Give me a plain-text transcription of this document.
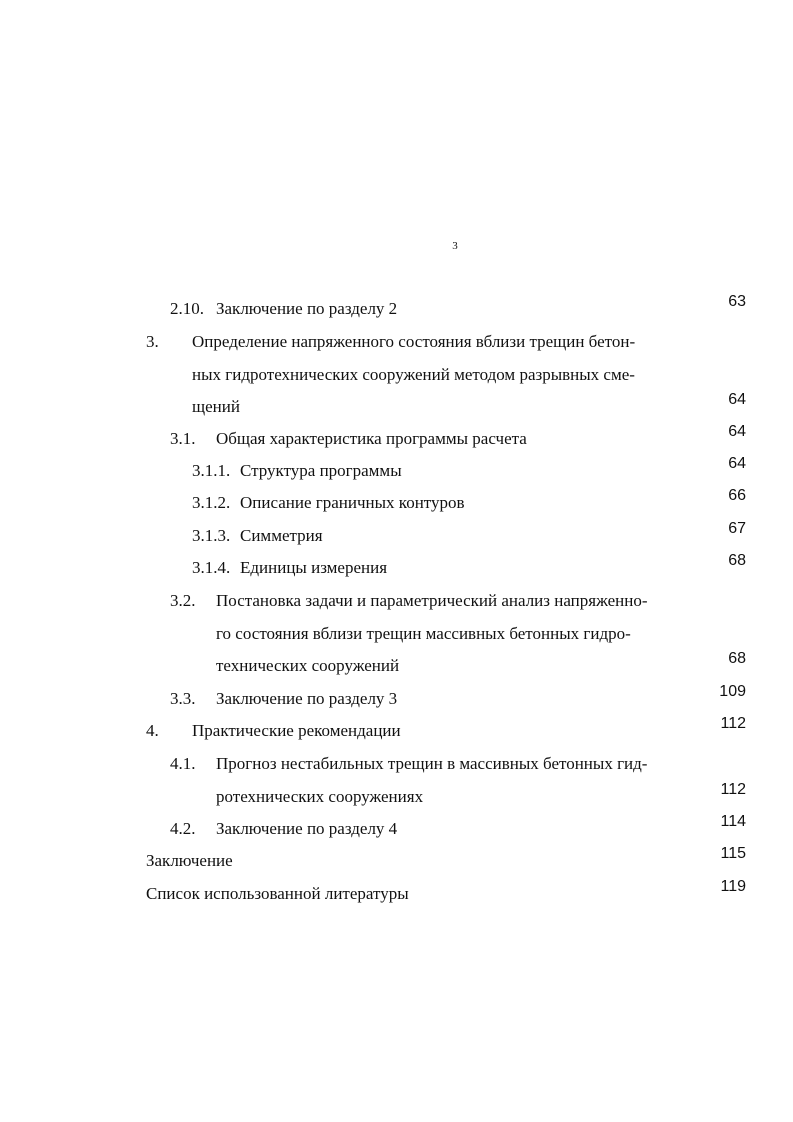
3
2.10. Заключение по разделу 2	63
3. Определение напряженного состояния вблизи трещин бетон-
ных гидротехнических сооружений методом разрывных сме-
щений	64
3.1. Общая характеристика программы расчета	64
3.1.1. Структура программы	64
3.1.2. Описание граничных контуров	66
3.1.3. Симметрия	67
3.1.4. Единицы измерения	68
3.2. Постановка задачи и параметрический анализ напряженно-
го состояния вблизи трещин массивных бетонных гидро-
технических сооружений	68
3.3. Заключение по разделу 3	109
4. Практические рекомендации	112
4.1. Прогноз нестабильных трещин в массивных бетонных гид-
ротехнических сооружениях	112
4.2. Заключение по разделу 4	114
Заключение	115
Список использованной литературы	119
